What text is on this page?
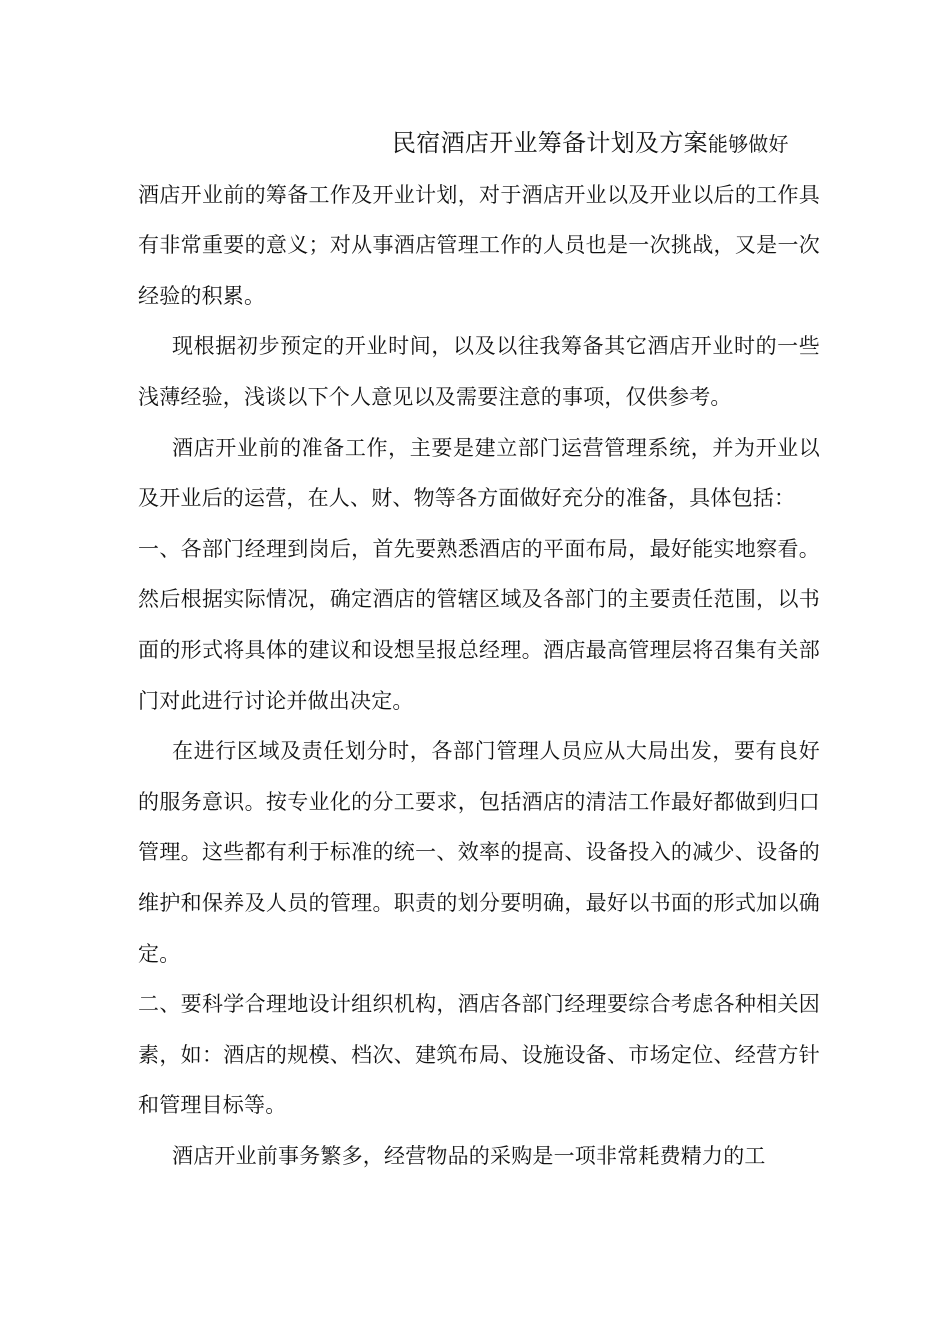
民宿酒店开业筹备计划及方案能够做好

酒店开业前的筹备工作及开业计划，对于酒店开业以及开业以后的工作具有非常重要的意义；对从事酒店管理工作的人员也是一次挑战，又是一次经验的积累。

现根据初步预定的开业时间，以及以往我筹备其它酒店开业时的一些浅薄经验，浅谈以下个人意见以及需要注意的事项，仅供参考。

酒店开业前的准备工作，主要是建立部门运营管理系统，并为开业以及开业后的运营，在人、财、物等各方面做好充分的准备，具体包括：

一、各部门经理到岗后，首先要熟悉酒店的平面布局，最好能实地察看。然后根据实际情况，确定酒店的管辖区域及各部门的主要责任范围，以书面的形式将具体的建议和设想呈报总经理。酒店最高管理层将召集有关部门对此进行讨论并做出决定。

在进行区域及责任划分时，各部门管理人员应从大局出发，要有良好的服务意识。按专业化的分工要求，包括酒店的清洁工作最好都做到归口管理。这些都有利于标准的统一、效率的提高、设备投入的减少、设备的维护和保养及人员的管理。职责的划分要明确，最好以书面的形式加以确定。

二、要科学合理地设计组织机构，酒店各部门经理要综合考虑各种相关因素，如：酒店的规模、档次、建筑布局、设施设备、市场定位、经营方针和管理目标等。

酒店开业前事务繁多，经营物品的采购是一项非常耗费精力的工
